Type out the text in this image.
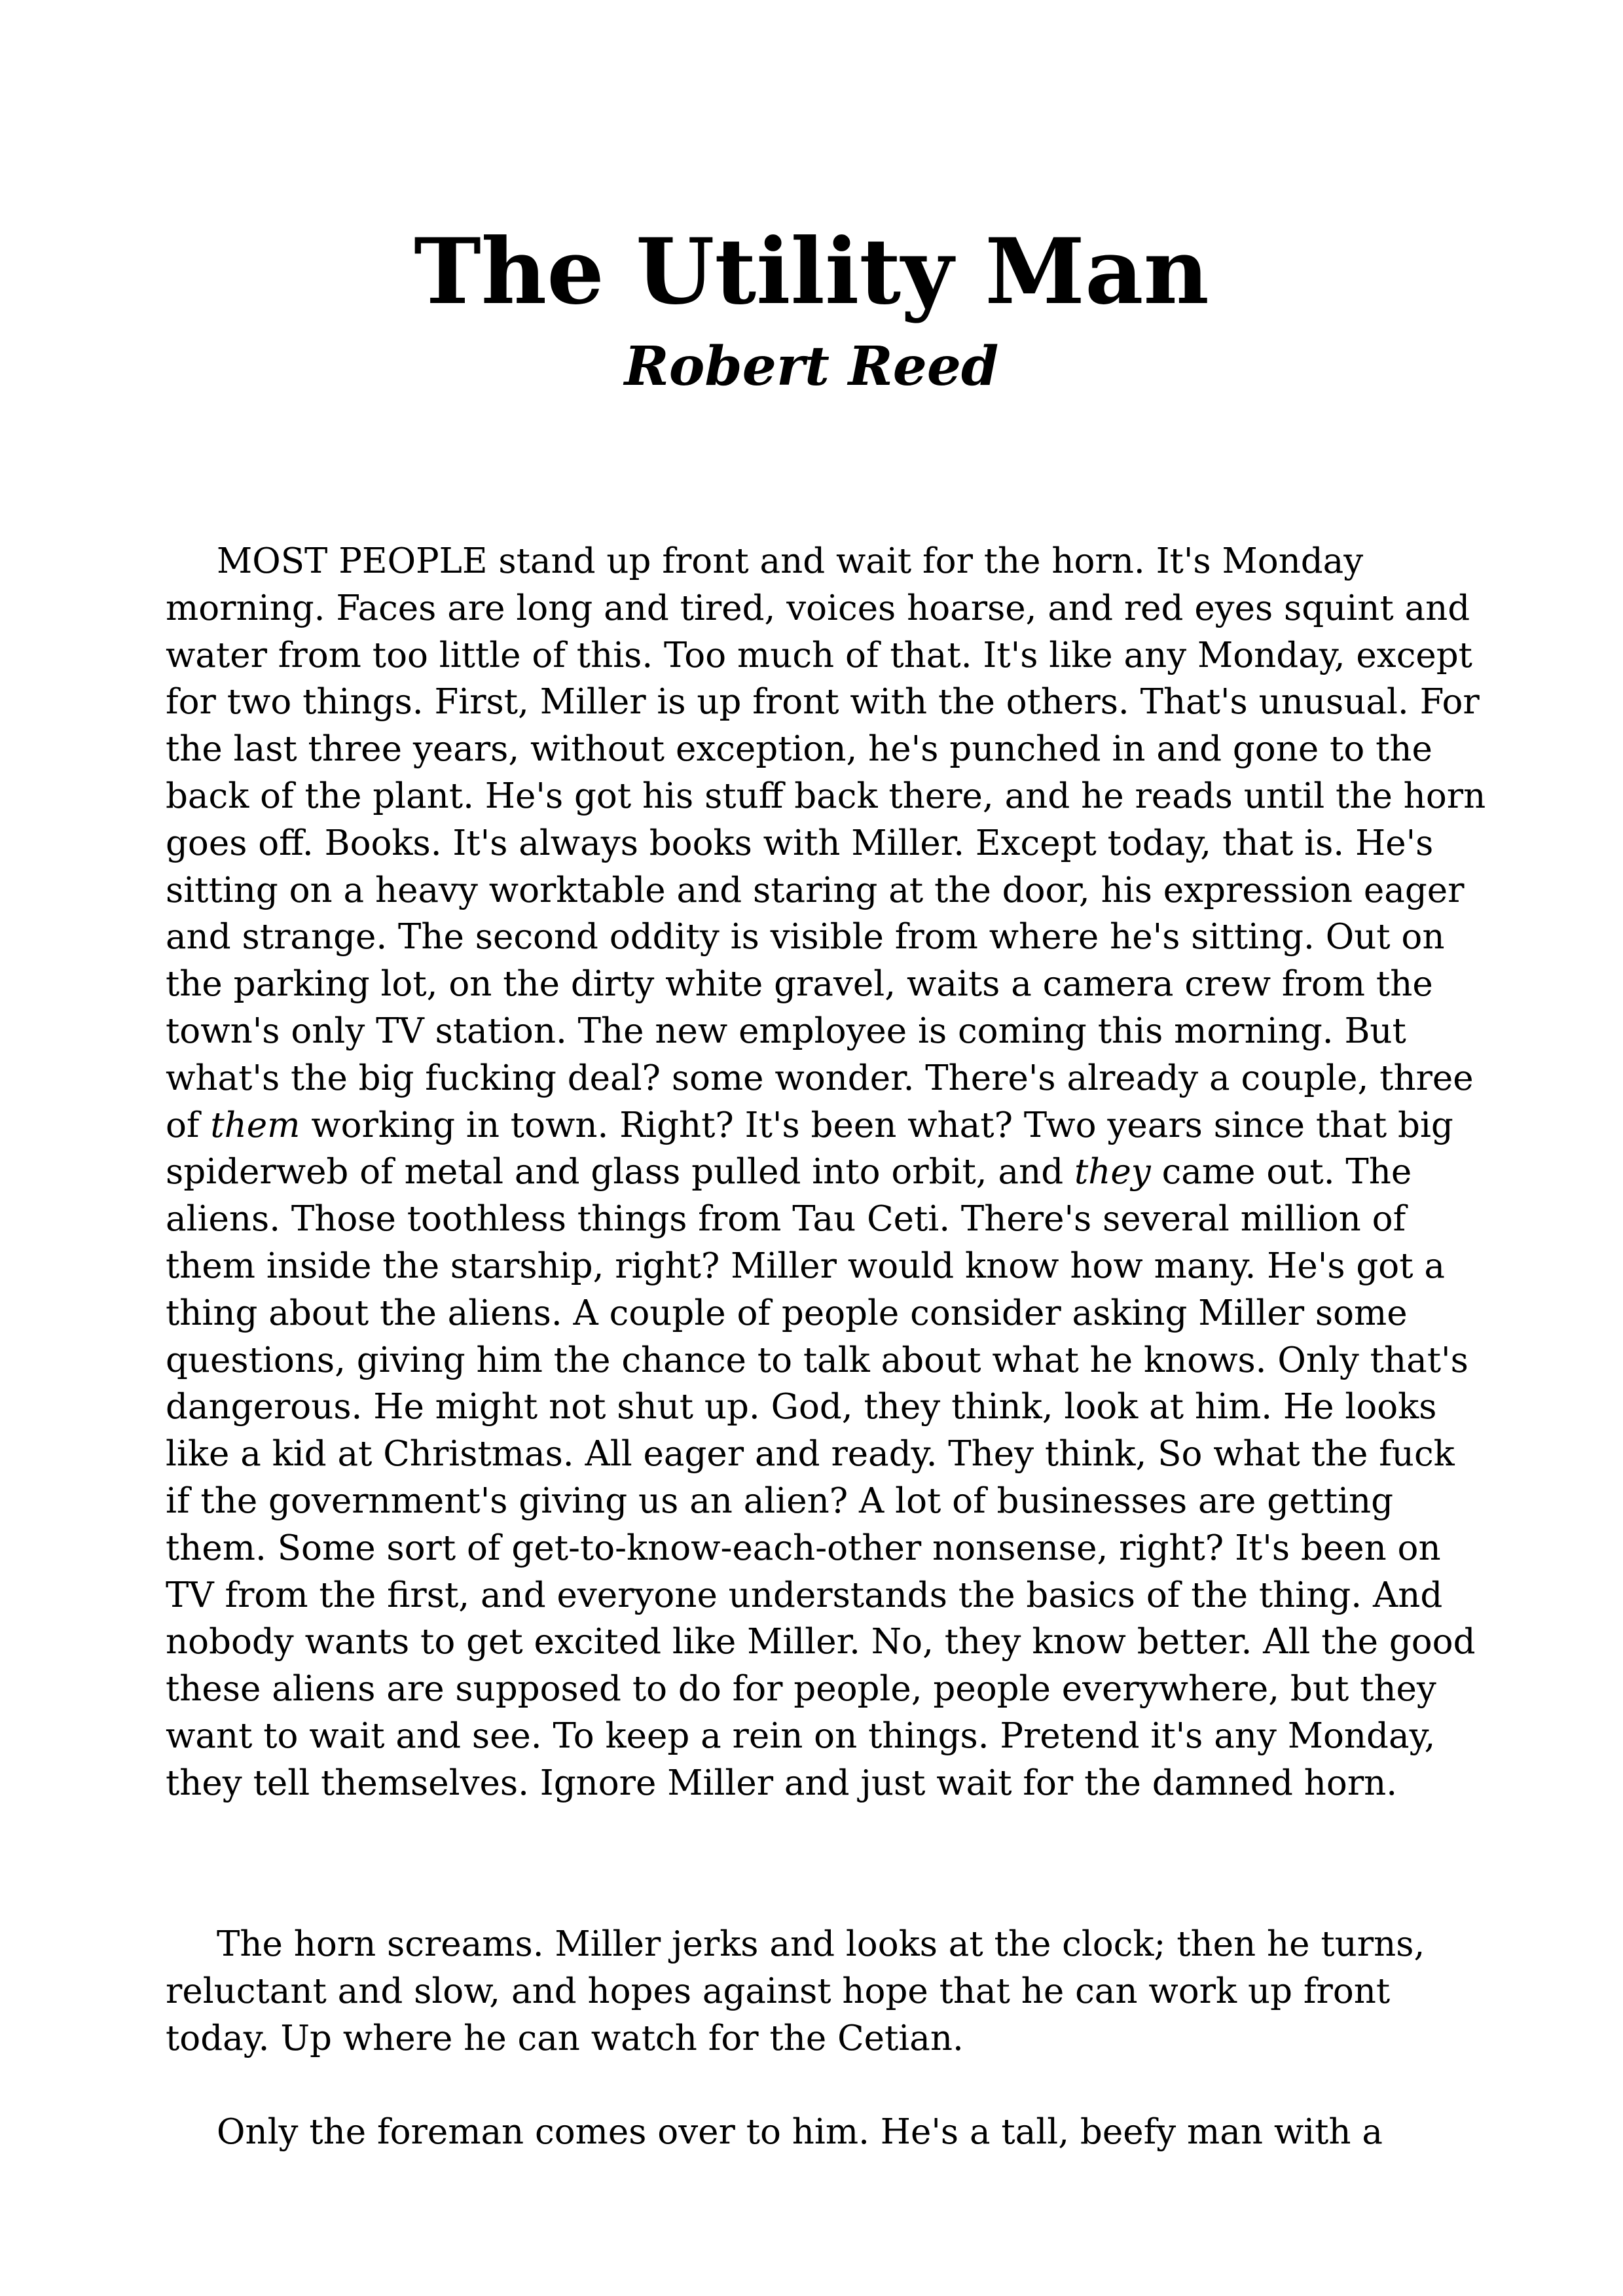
The Utility Man
Robert Reed
MOST PEOPLE stand up front and wait for the horn. It's Monday
morning. Faces are long and tired, voices hoarse, and red eyes squint and
water from too little of this. Too much of that. It's like any Monday, except
for two things. First, Miller is up front with the others. That's unusual. For
the last three years, without exception, he's punched in and gone to the
back of the plant. He's got his stuff back there, and he reads until the horn
goes off. Books. It's always books with Miller. Except today, that is. He's
sitting on a heavy worktable and staring at the door, his expression eager
and strange. The second oddity is visible from where he's sitting. Out on
the parking lot, on the dirty white gravel, waits a camera crew from the
town's only TV station. The new employee is coming this morning. But
what's the big fucking deal? some wonder. There's already a couple, three
of them working in town. Right? It's been what? Two years since that big
spiderweb of metal and glass pulled into orbit, and they came out. The
aliens. Those toothless things from Tau Ceti. There's several million of
them inside the starship, right? Miller would know how many. He's got a
thing about the aliens. A couple of people consider asking Miller some
questions, giving him the chance to talk about what he knows. Only that's
dangerous. He might not shut up. God, they think, look at him. He looks
like a kid at Christmas. All eager and ready. They think, So what the fuck
if the government's giving us an alien? A lot of businesses are getting
them. Some sort of get-to-know-each-other nonsense, right? It's been on
TV from the first, and everyone understands the basics of the thing. And
nobody wants to get excited like Miller. No, they know better. All the good
these aliens are supposed to do for people, people everywhere, but they
want to wait and see. To keep a rein on things. Pretend it's any Monday,
they tell themselves. Ignore Miller and just wait for the damned horn.
The horn screams. Miller jerks and looks at the clock; then he turns,
reluctant and slow, and hopes against hope that he can work up front
today. Up where he can watch for the Cetian.
Only the foreman comes over to him. He's a tall, beefy man with a
